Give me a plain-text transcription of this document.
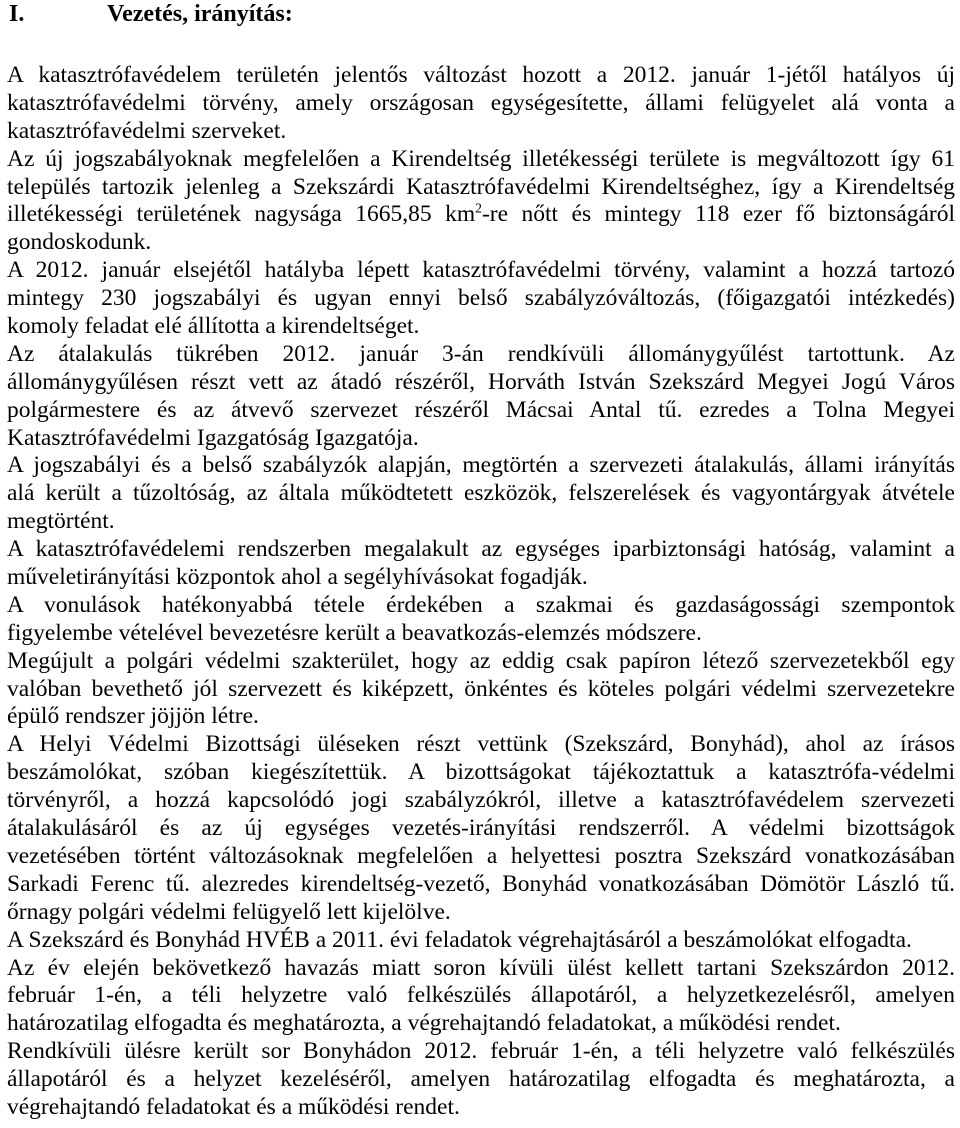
I.	Vezetés, irányítás:
A katasztrófavédelem területén jelentős változást hozott a 2012. január 1-jétől hatályos új
katasztrófavédelmi törvény, amely országosan egységesítette, állami felügyelet alá vonta a
katasztrófavédelmi szerveket.
Az új jogszabályoknak megfelelően a Kirendeltség illetékességi területe is megváltozott így 61
település tartozik jelenleg a Szekszárdi Katasztrófavédelmi Kirendeltséghez, így a Kirendeltség
illetékességi területének nagysága 1665,85 $km^2-re$ nőtt és mintegy 118 ezer fő biztonságáról
gondoskodunk.
A 2012. január elsejétől hatályba lépett katasztrófavédelmi törvény, valamint a hozzá tartozó
mintegy 230 jogszabályi és ugyan ennyi belső szabályzóváltozás, (főigazgatói intézkedés)
komoly feladat elé állította a kirendeltséget.
Az átalakulás tükrében 2012. január 3-án rendkívüli állománygyűlést tartottunk. Az
állománygyűlésen részt vett az átadó részéről, Horváth István Szekszárd Megyei Jogú Város
polgármestere és az átvevő szervezet részéről Mácsai Antal tű. ezredes a Tolna Megyei
Katasztrófavédelmi Igazgatóság Igazgatója.
A jogszabályi és a belső szabályzók alapján, megtörtén a szervezeti átalakulás, állami irányítás
alá került a tűzoltóság, az általa működtetett eszközök, felszerelések és vagyontárgyak átvétele
megtörtént.
A katasztrófavédelemi rendszerben megalakult az egységes iparbiztonsági hatóság, valamint a
műveletirányítási központok ahol a segélyhívásokat fogadják.
A vonulások hatékonyabbá tétele érdekében a szakmai és gazdaságossági szempontok
figyelembe vételével bevezetésre került a beavatkozás-elemzés módszere.
Megújult a polgári védelmi szakterület, hogy az eddig csak papíron létező szervezetekből egy
valóban bevethető jól szervezett és kiképzett, önkéntes és köteles polgári védelmi szervezetekre
épülő rendszer jöjjön létre.
A Helyi Védelmi Bizottsági üléseken részt vettünk (Szekszárd, Bonyhád), ahol az írásos
beszámolókat, szóban kiegészítettük. A bizottságokat tájékoztattuk a katasztrófa-védelmi
törvényről, a hozzá kapcsolódó jogi szabályzókról, illetve a katasztrófavédelem szervezeti
átalakulásáról és az új egységes vezetés-irányítási rendszerről. A védelmi bizottságok
vezetésében történt változásoknak megfelelően a helyettesi posztra Szekszárd vonatkozásában
Sarkadi Ferenc tű. alezredes kirendeltség-vezető, Bonyhád vonatkozásában Dömötör László tű.
őrnagy polgári védelmi felügyelő lett kijelölve.
A Szekszárd és Bonyhád HVÉB a 2011. évi feladatok végrehajtásáról a beszámolókat elfogadta.
Az év elején bekövetkező havazás miatt soron kívüli ülést kellett tartani Szekszárdon 2012.
február 1-én, a téli helyzetre való felkészülés állapotáról, a helyzetkezelésről, amelyen
határozatilag elfogadta és meghatározta, a végrehajtandó feladatokat, a működési rendet.
Rendkívüli ülésre került sor Bonyhádon 2012. február 1-én, a téli helyzetre való felkészülés
állapotáról és a helyzet kezeléséről, amelyen határozatilag elfogadta és meghatározta, a
végrehajtandó feladatokat és a működési rendet.
